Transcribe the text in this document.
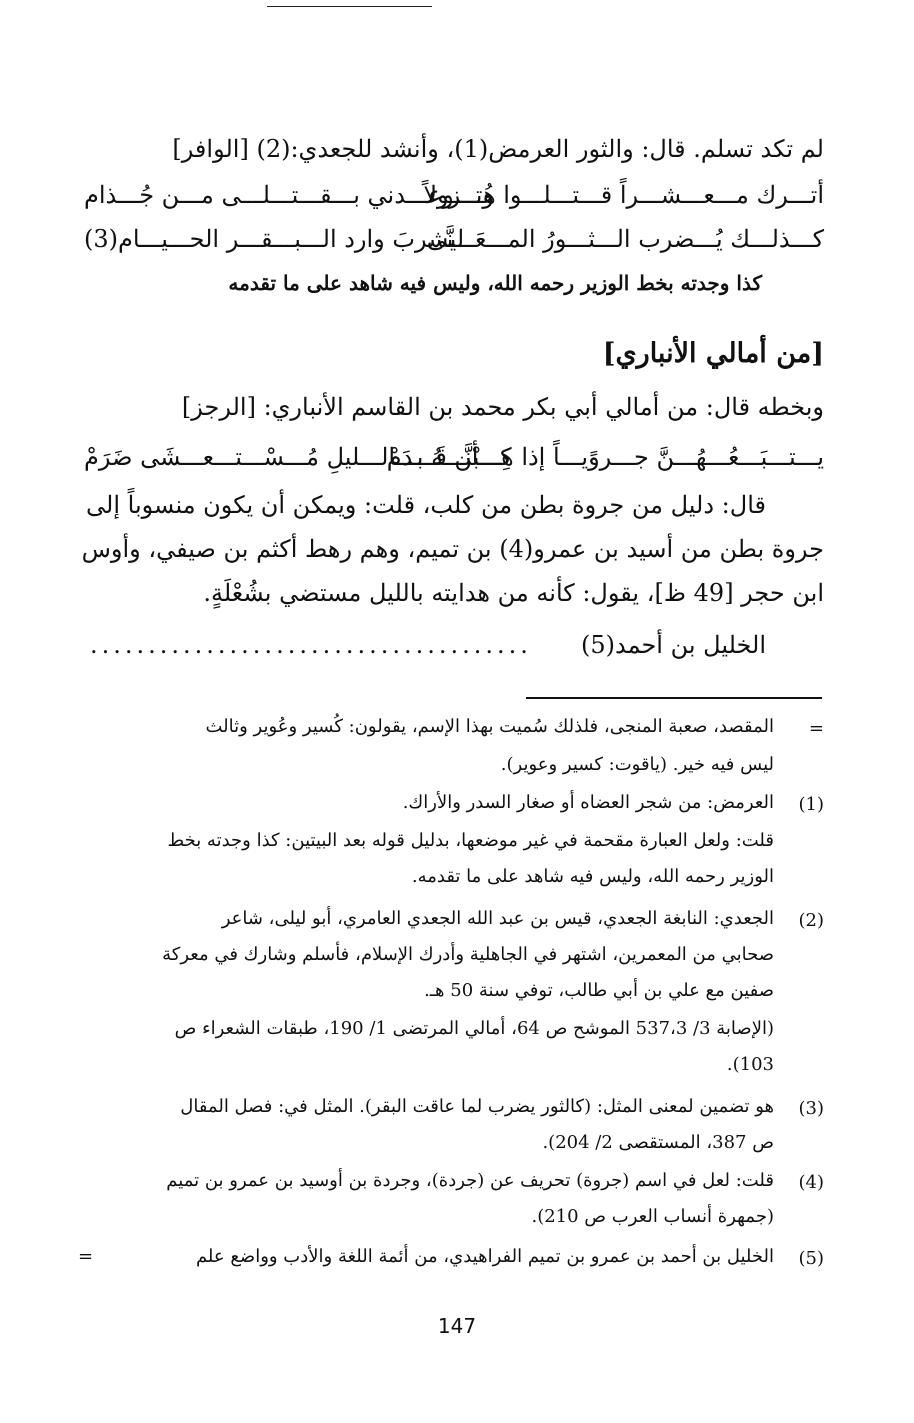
لم تكد تسلم. قال: والثور العرمض(1)، وأنشد للجعدي:(2) [الوافر]
أتـــرك مـــعـــشـــراً قـــتـــلـــوا هُـــزولاً
وتـــوعـــدني بـــقـــتـــلـــى مـــن جُـــذام
كـــذلـــك يُـــضرب الـــثـــورُ المـــعَـــنَّى
ليشربَ وارد الـــبـــقـــر الحـــيـــام(3)
كذا وجدته بخط الوزير رحمه الله، وليس فيه شاهد على ما تقدمه
[من أمالي الأنباري]
وبخطه قال: من أمالي أبي بكر محمد بن القاسم الأنباري: [الرجز]
يـــتـــبَـــعُـــهُـــنَّ جـــروًيـــاً إذا هِـــبْن قَـــدَمْ
كـــأنَّـــهُ بـــالـــليلِ مُـــسْـــتـــعـــشَى ضَرَمْ
قال: دليل من جروة بطن من كلب، قلت: ويمكن أن يكون منسوباً إلى
جروة بطن من أسيد بن عمرو(4) بن تميم، وهم رهط أكثم بن صيفي، وأوس
ابن حجر [49 ظ]، يقول: كأنه من هدايته بالليل مستضي بشُعْلَةٍ.
الخليل بن أحمد(5)
......................................
=
المقصد، صعبة المنجى، فلذلك سُميت بهذا الإسم، يقولون: كُسير وعُوير وثالث
ليس فيه خير. (ياقوت: كسير وعوير).
(1)
العرمض: من شجر العضاه أو صغار السدر والأراك.
قلت: ولعل العبارة مقحمة في غير موضعها، بدليل قوله بعد البيتين: كذا وجدته بخط
الوزير رحمه الله، وليس فيه شاهد على ما تقدمه.
(2)
الجعدي: النابغة الجعدي، قيس بن عبد الله الجعدي العامري، أبو ليلى، شاعر
صحابي من المعمرين، اشتهر في الجاهلية وأدرك الإسلام، فأسلم وشارك في معركة
صفين مع علي بن أبي طالب، توفي سنة 50 هـ.
(الإصابة 3/ 537،3 الموشح ص 64، أمالي المرتضى 1/ 190، طبقات الشعراء ص
103).
(3)
هو تضمين لمعنى المثل: (كالثور يضرب لما عاقت البقر). المثل في: فصل المقال
ص 387، المستقصى 2/ 204).
(4)
قلت: لعل في اسم (جروة) تحريف عن (جردة)، وجردة بن أوسيد بن عمرو بن تميم
(جمهرة أنساب العرب ص 210).
(5)
الخليل بن أحمد بن عمرو بن تميم الفراهيدي، من أئمة اللغة والأدب وواضع علم
=
147
